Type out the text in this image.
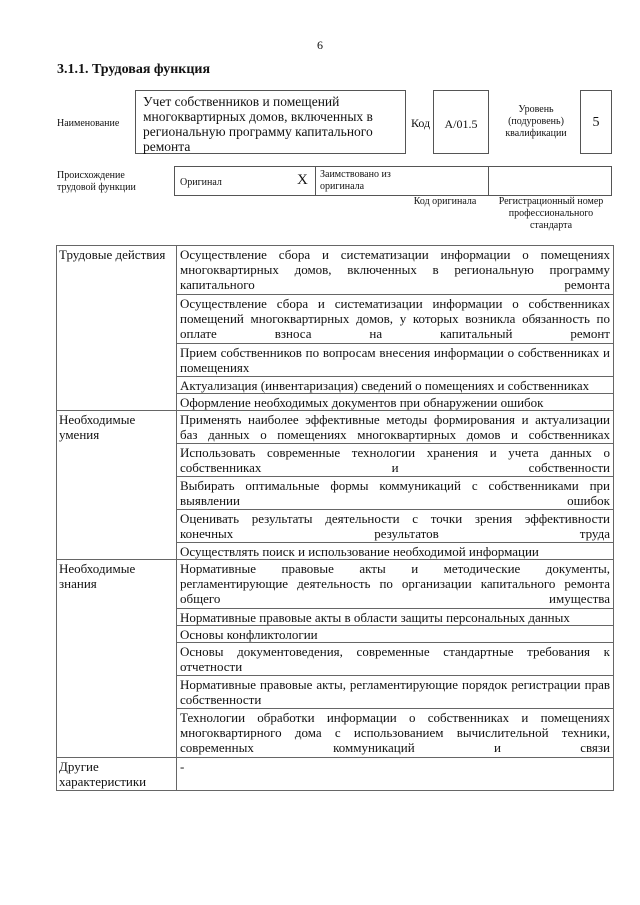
6
3.1.1. Трудовая функция
Наименование
Учет собственников и помещений многоквартирных домов, включенных в региональную программу капитального ремонта
Код	A/01.5
Уровень (подуровень) квалификации
5
Происхождение трудовой функции	Оригинал	X Заимствовано из оригинала
Код оригинала	Регистрационный номер профессионального стандарта
Трудовые действия	Осуществление сбора и систематизации информации о помещениях многоквартирных домов, включенных в региональную программу капитального ремонта
	Осуществление сбора и систематизации информации о собственниках помещений многоквартирных домов, у которых возникла обязанность по оплате взноса на капитальный ремонт
	Прием собственников по вопросам внесения информации о собственниках и помещениях
	Актуализация (инвентаризация) сведений о помещениях и собственниках
	Оформление необходимых документов при обнаружении ошибок
Необходимые умения	Применять наиболее эффективные методы формирования и актуализации баз данных о помещениях многоквартирных домов и собственниках
	Использовать современные технологии хранения и учета данных о собственниках и собственности
	Выбирать оптимальные формы коммуникаций с собственниками при выявлении ошибок
	Оценивать результаты деятельности с точки зрения эффективности конечных результатов труда
	Осуществлять поиск и использование необходимой информации
Необходимые знания	Нормативные правовые акты и методические документы, регламентирующие деятельность по организации капитального ремонта общего имущества
	Нормативные правовые акты в области защиты персональных данных
	Основы конфликтологии
	Основы документоведения, современные стандартные требования к отчетности
	Нормативные правовые акты, регламентирующие порядок регистрации прав собственности
	Технологии обработки информации о собственниках и помещениях многоквартирного дома с использованием вычислительной техники, современных коммуникаций и связи
Другие характеристики	-
